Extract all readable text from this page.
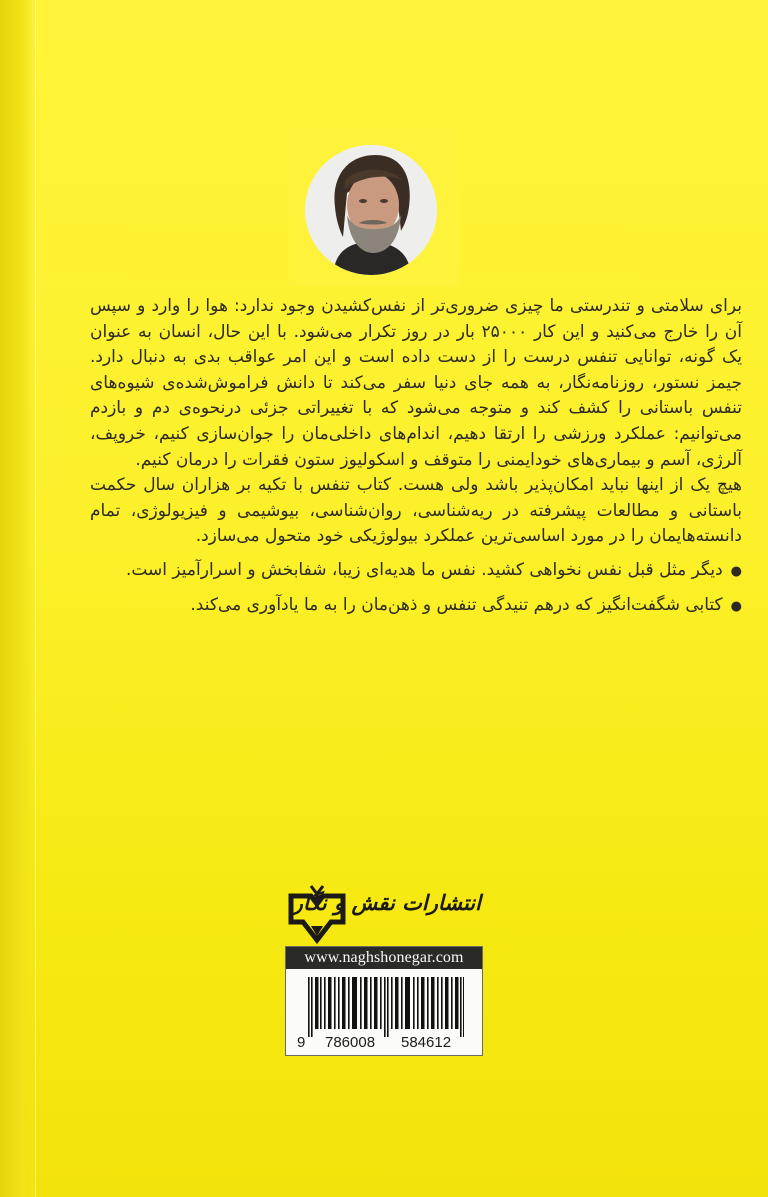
برای سلامتی و تندرستی ما چیزی ضروری‌تر از نفس‌کشیدن وجود ندارد: هوا را وارد و سپس آن را خارج می‌کنید و این کار ۲۵۰۰۰ بار در روز تکرار می‌شود. با این حال، انسان به عنوان یک گونه، توانایی تنفس درست را از دست داده است و این امر عواقب بدی به دنبال دارد. جیمز نستور، روزنامه‌نگار، به همه جای دنیا سفر می‌کند تا دانش فراموش‌شده‌ی شیوه‌های تنفس باستانی را کشف کند و متوجه می‌شود که با تغییراتی جزئی درنحوه‌ی دم و بازدم می‌توانیم: عملکرد ورزشی را ارتقا دهیم، اندام‌های داخلی‌مان را جوان‌سازی کنیم، خروپف، آلرژی، آسم و بیماری‌های خودایمنی را متوقف و اسکولیوز ستون فقرات را درمان کنیم.

هیچ یک از اینها نباید امکان‌پذیر باشد ولی هست. کتاب تنفس با تکیه بر هزاران سال حکمت باستانی و مطالعات پیشرفته در ریه‌شناسی، روان‌شناسی، بیوشیمی و فیزیولوژی، تمام دانسته‌هایمان را در مورد اساسی‌ترین عملکرد بیولوژیکی خود متحول می‌سازد.

● دیگر مثل قبل نفس نخواهی کشید. نفس ما هدیه‌ای زیبا، شفابخش و اسرارآمیز است.

● کتابی شگفت‌انگیز که درهم تنیدگی تنفس و ذهن‌مان را به ما یادآوری می‌کند.

انتشارات نقش و نگار
www.naghshonegar.com
9 786008 584612
